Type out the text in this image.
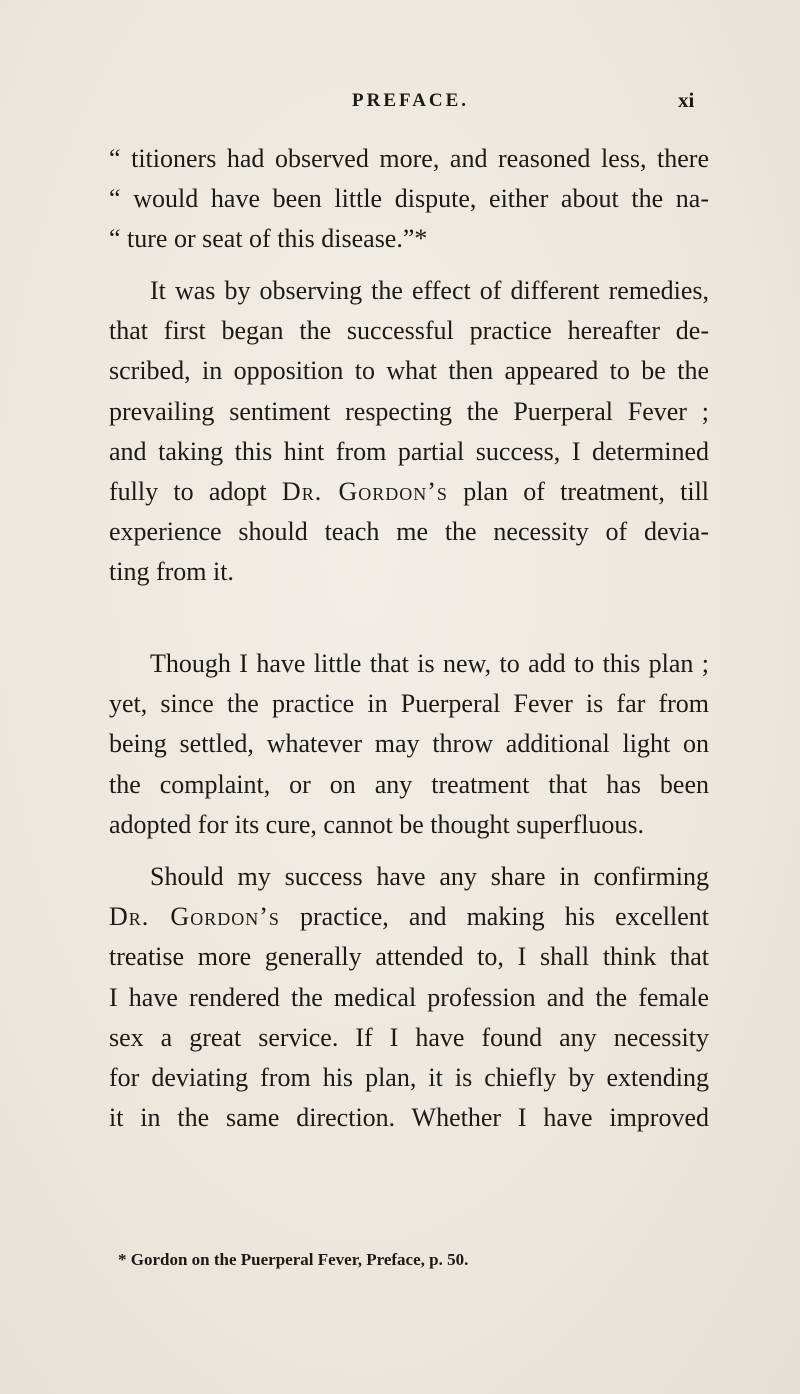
PREFACE.	xi
“ titioners had observed more, and reasoned less, there
“ would have been little dispute, either about the na-
“ ture or seat of this disease.”*
It was by observing the effect of different remedies,
that first began the successful practice hereafter de-
scribed, in opposition to what then appeared to be the
prevailing sentiment respecting the Puerperal Fever ;
and taking this hint from partial success, I determined
fully to adopt Dr. Gordon’s plan of treatment, till
experience should teach me the necessity of devia-
ting from it.
Though I have little that is new, to add to this plan ;
yet, since the practice in Puerperal Fever is far from
being settled, whatever may throw additional light on
the complaint, or on any treatment that has been
adopted for its cure, cannot be thought superfluous.
Should my success have any share in confirming
Dr. Gordon’s practice, and making his excellent
treatise more generally attended to, I shall think that
I have rendered the medical profession and the female
sex a great service. If I have found any necessity
for deviating from his plan, it is chiefly by extending
it in the same direction. Whether I have improved
* Gordon on the Puerperal Fever, Preface, p. 50.
